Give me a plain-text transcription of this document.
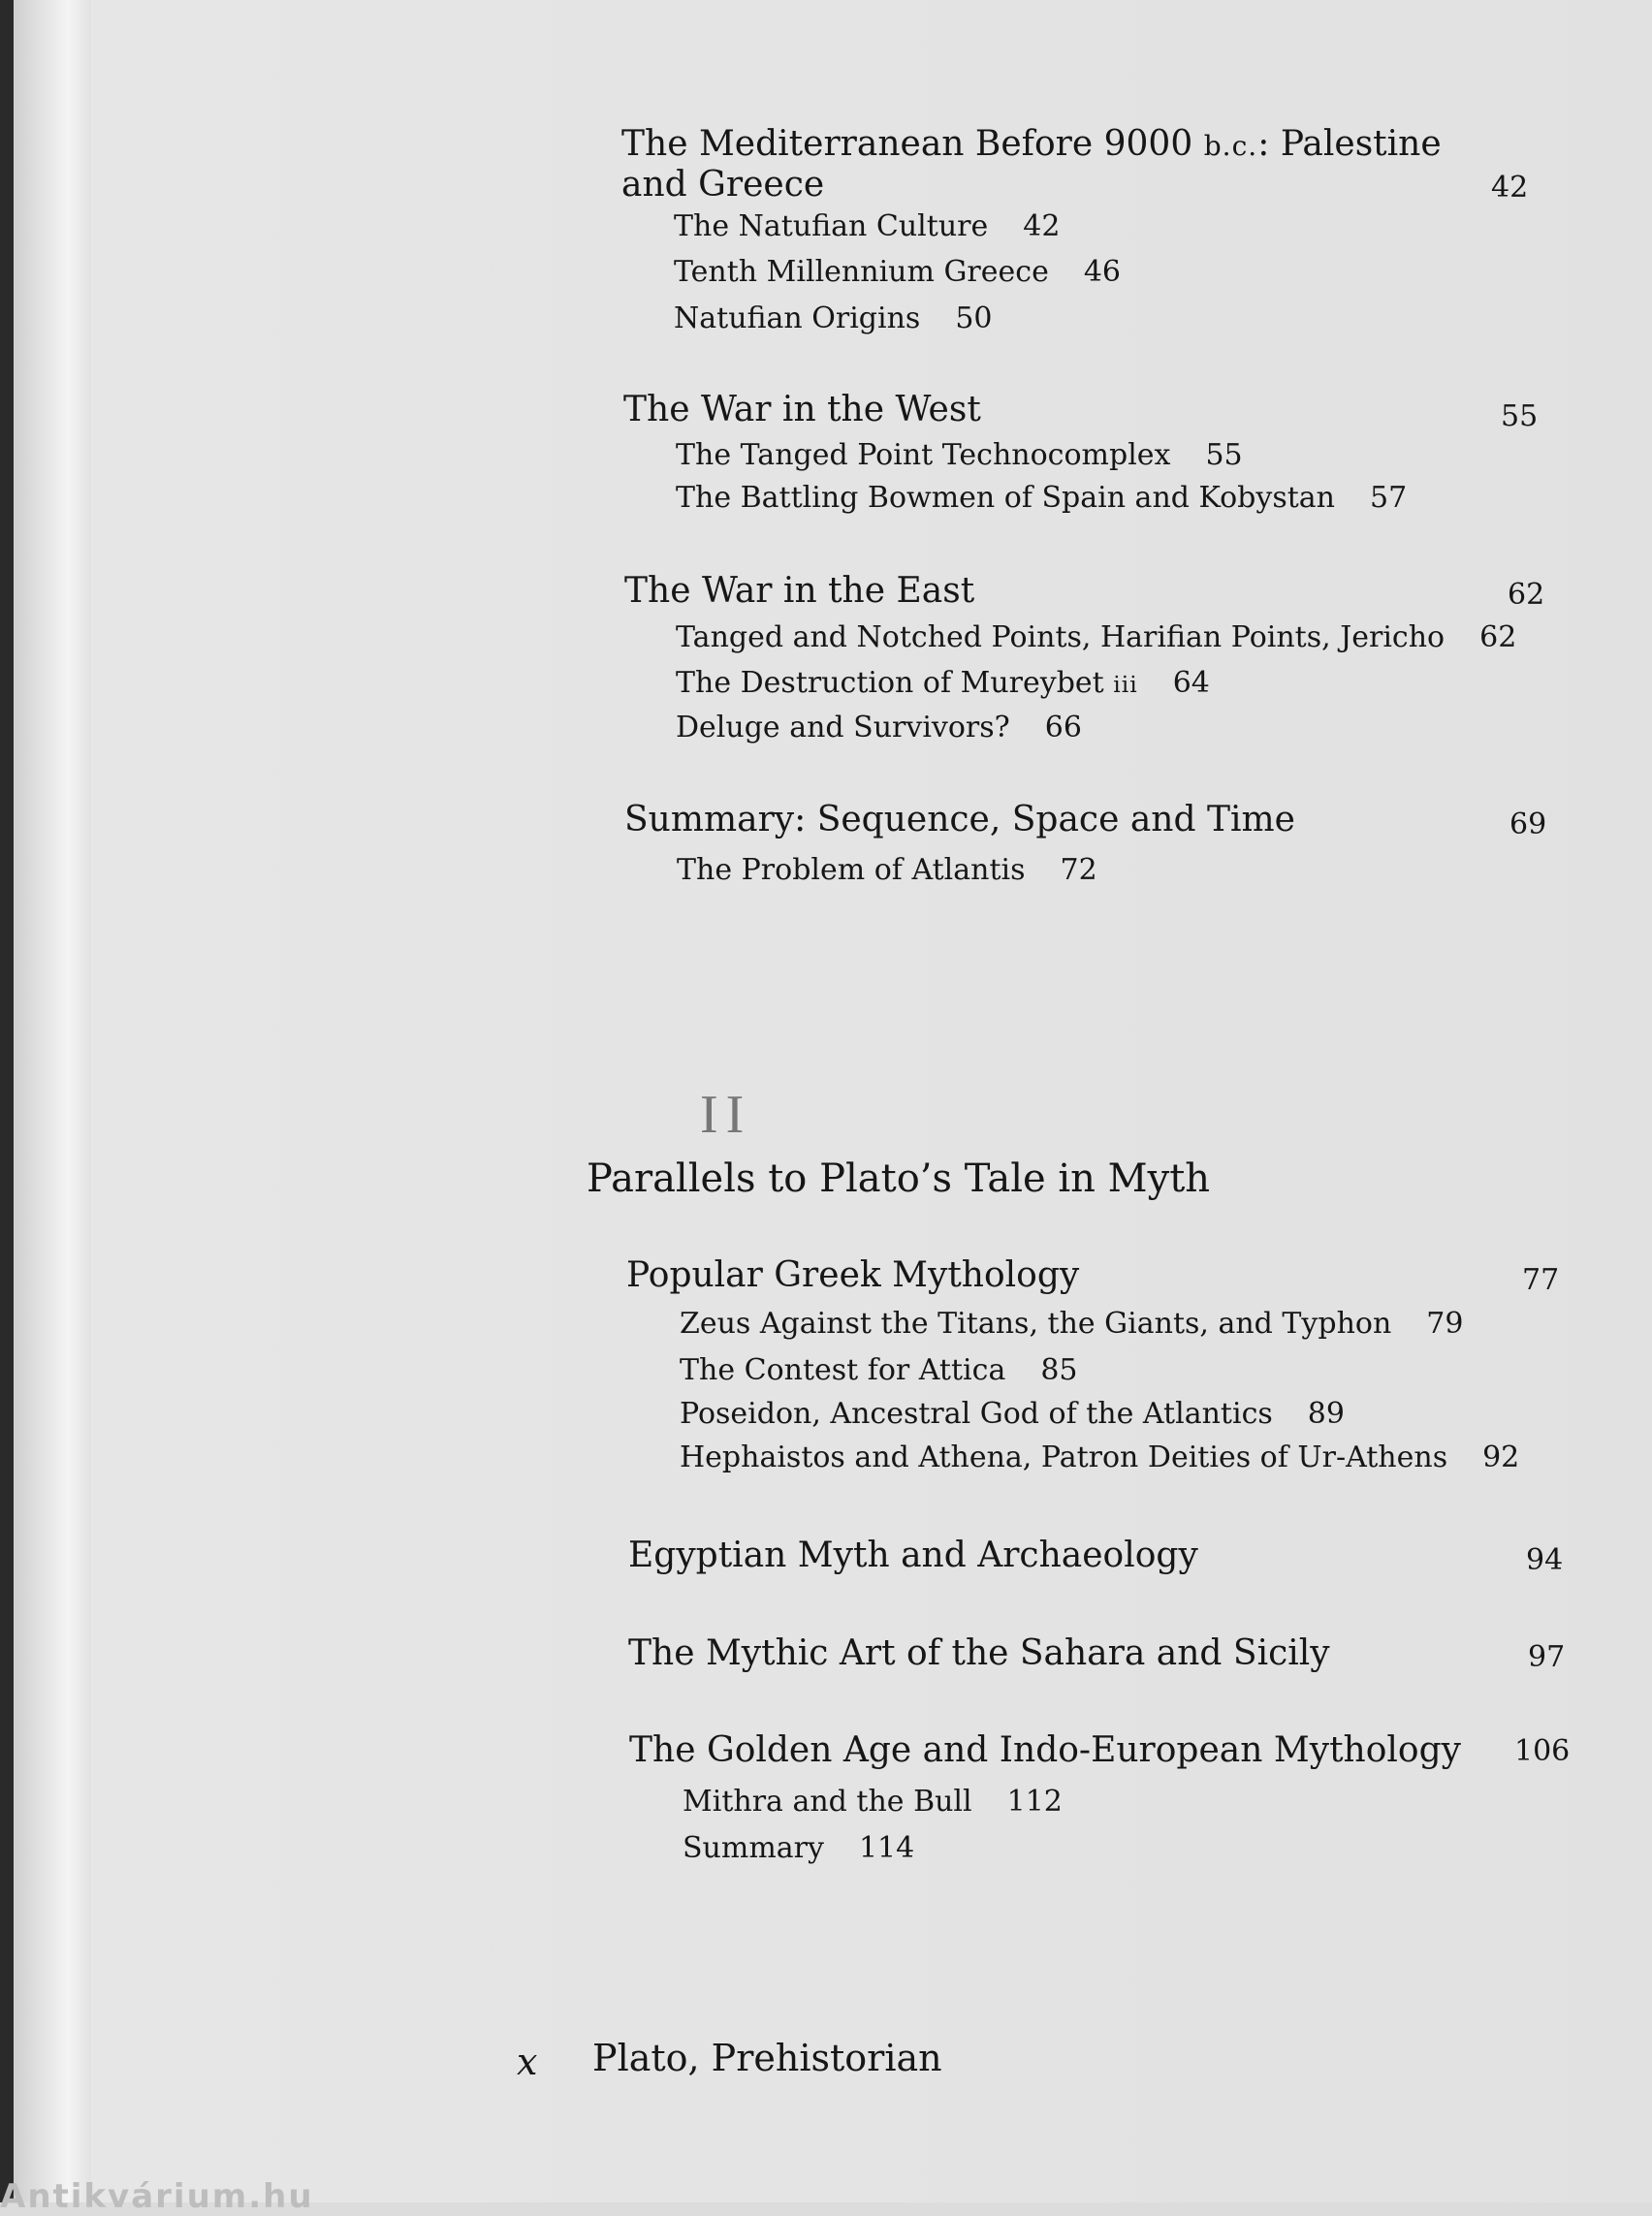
The Mediterranean Before 9000 b.c.: Palestine
and Greece	42
The Natufian Culture 42
Tenth Millennium Greece 46
Natufian Origins 50
The War in the West	55
The Tanged Point Technocomplex 55
The Battling Bowmen of Spain and Kobystan 57
The War in the East	62
Tanged and Notched Points, Harifian Points, Jericho 62
The Destruction of Mureybet iii 64
Deluge and Survivors? 66
Summary: Sequence, Space and Time	69
The Problem of Atlantis 72
II
Parallels to Plato’s Tale in Myth
Popular Greek Mythology	77
Zeus Against the Titans, the Giants, and Typhon 79
The Contest for Attica 85
Poseidon, Ancestral God of the Atlantics 89
Hephaistos and Athena, Patron Deities of Ur-Athens 92
Egyptian Myth and Archaeology	94
The Mythic Art of the Sahara and Sicily	97
The Golden Age and Indo-European Mythology 106
Mithra and the Bull 112
Summary 114
x Plato, Prehistorian
Antikvárium.hu
